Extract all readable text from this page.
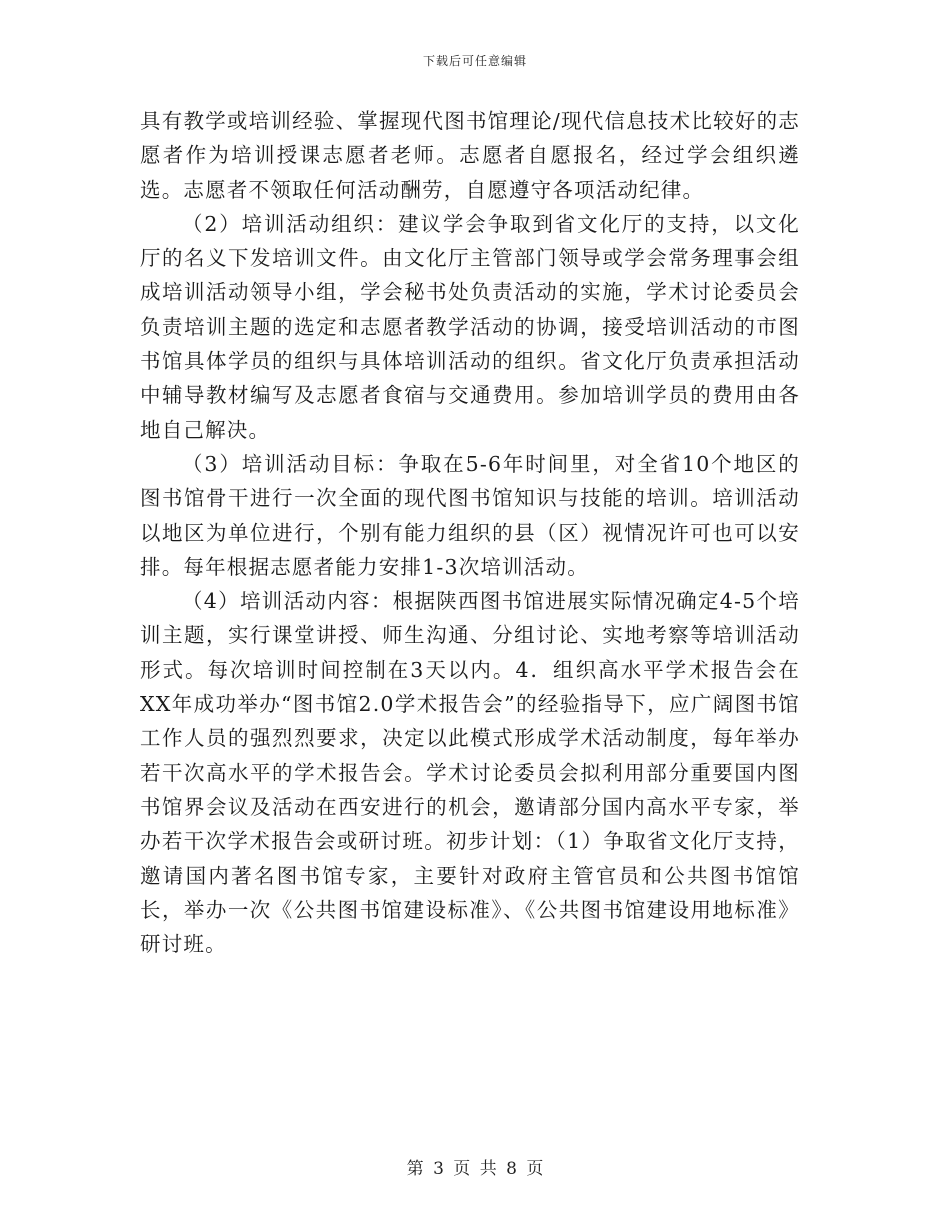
下载后可任意编辑

具有教学或培训经验、掌握现代图书馆理论/现代信息技术比较好的志愿者作为培训授课志愿者老师。志愿者自愿报名，经过学会组织遴选。志愿者不领取任何活动酬劳，自愿遵守各项活动纪律。

（2）培训活动组织：建议学会争取到省文化厅的支持，以文化厅的名义下发培训文件。由文化厅主管部门领导或学会常务理事会组成培训活动领导小组，学会秘书处负责活动的实施，学术讨论委员会负责培训主题的选定和志愿者教学活动的协调，接受培训活动的市图书馆具体学员的组织与具体培训活动的组织。省文化厅负责承担活动中辅导教材编写及志愿者食宿与交通费用。参加培训学员的费用由各地自己解决。

（3）培训活动目标：争取在5-6年时间里，对全省10个地区的图书馆骨干进行一次全面的现代图书馆知识与技能的培训。培训活动以地区为单位进行，个别有能力组织的县（区）视情况许可也可以安排。每年根据志愿者能力安排1-3次培训活动。

（4）培训活动内容：根据陕西图书馆进展实际情况确定4-5个培训主题，实行课堂讲授、师生沟通、分组讨论、实地考察等培训活动形式。每次培训时间控制在3天以内。4．组织高水平学术报告会在XX年成功举办“图书馆2.0学术报告会”的经验指导下，应广阔图书馆工作人员的强烈烈要求，决定以此模式形成学术活动制度，每年举办若干次高水平的学术报告会。学术讨论委员会拟利用部分重要国内图书馆界会议及活动在西安进行的机会，邀请部分国内高水平专家，举办若干次学术报告会或研讨班。初步计划：（1）争取省文化厅支持，邀请国内著名图书馆专家，主要针对政府主管官员和公共图书馆馆长，举办一次《公共图书馆建设标准》、《公共图书馆建设用地标准》研讨班。

第 3 页 共 8 页
